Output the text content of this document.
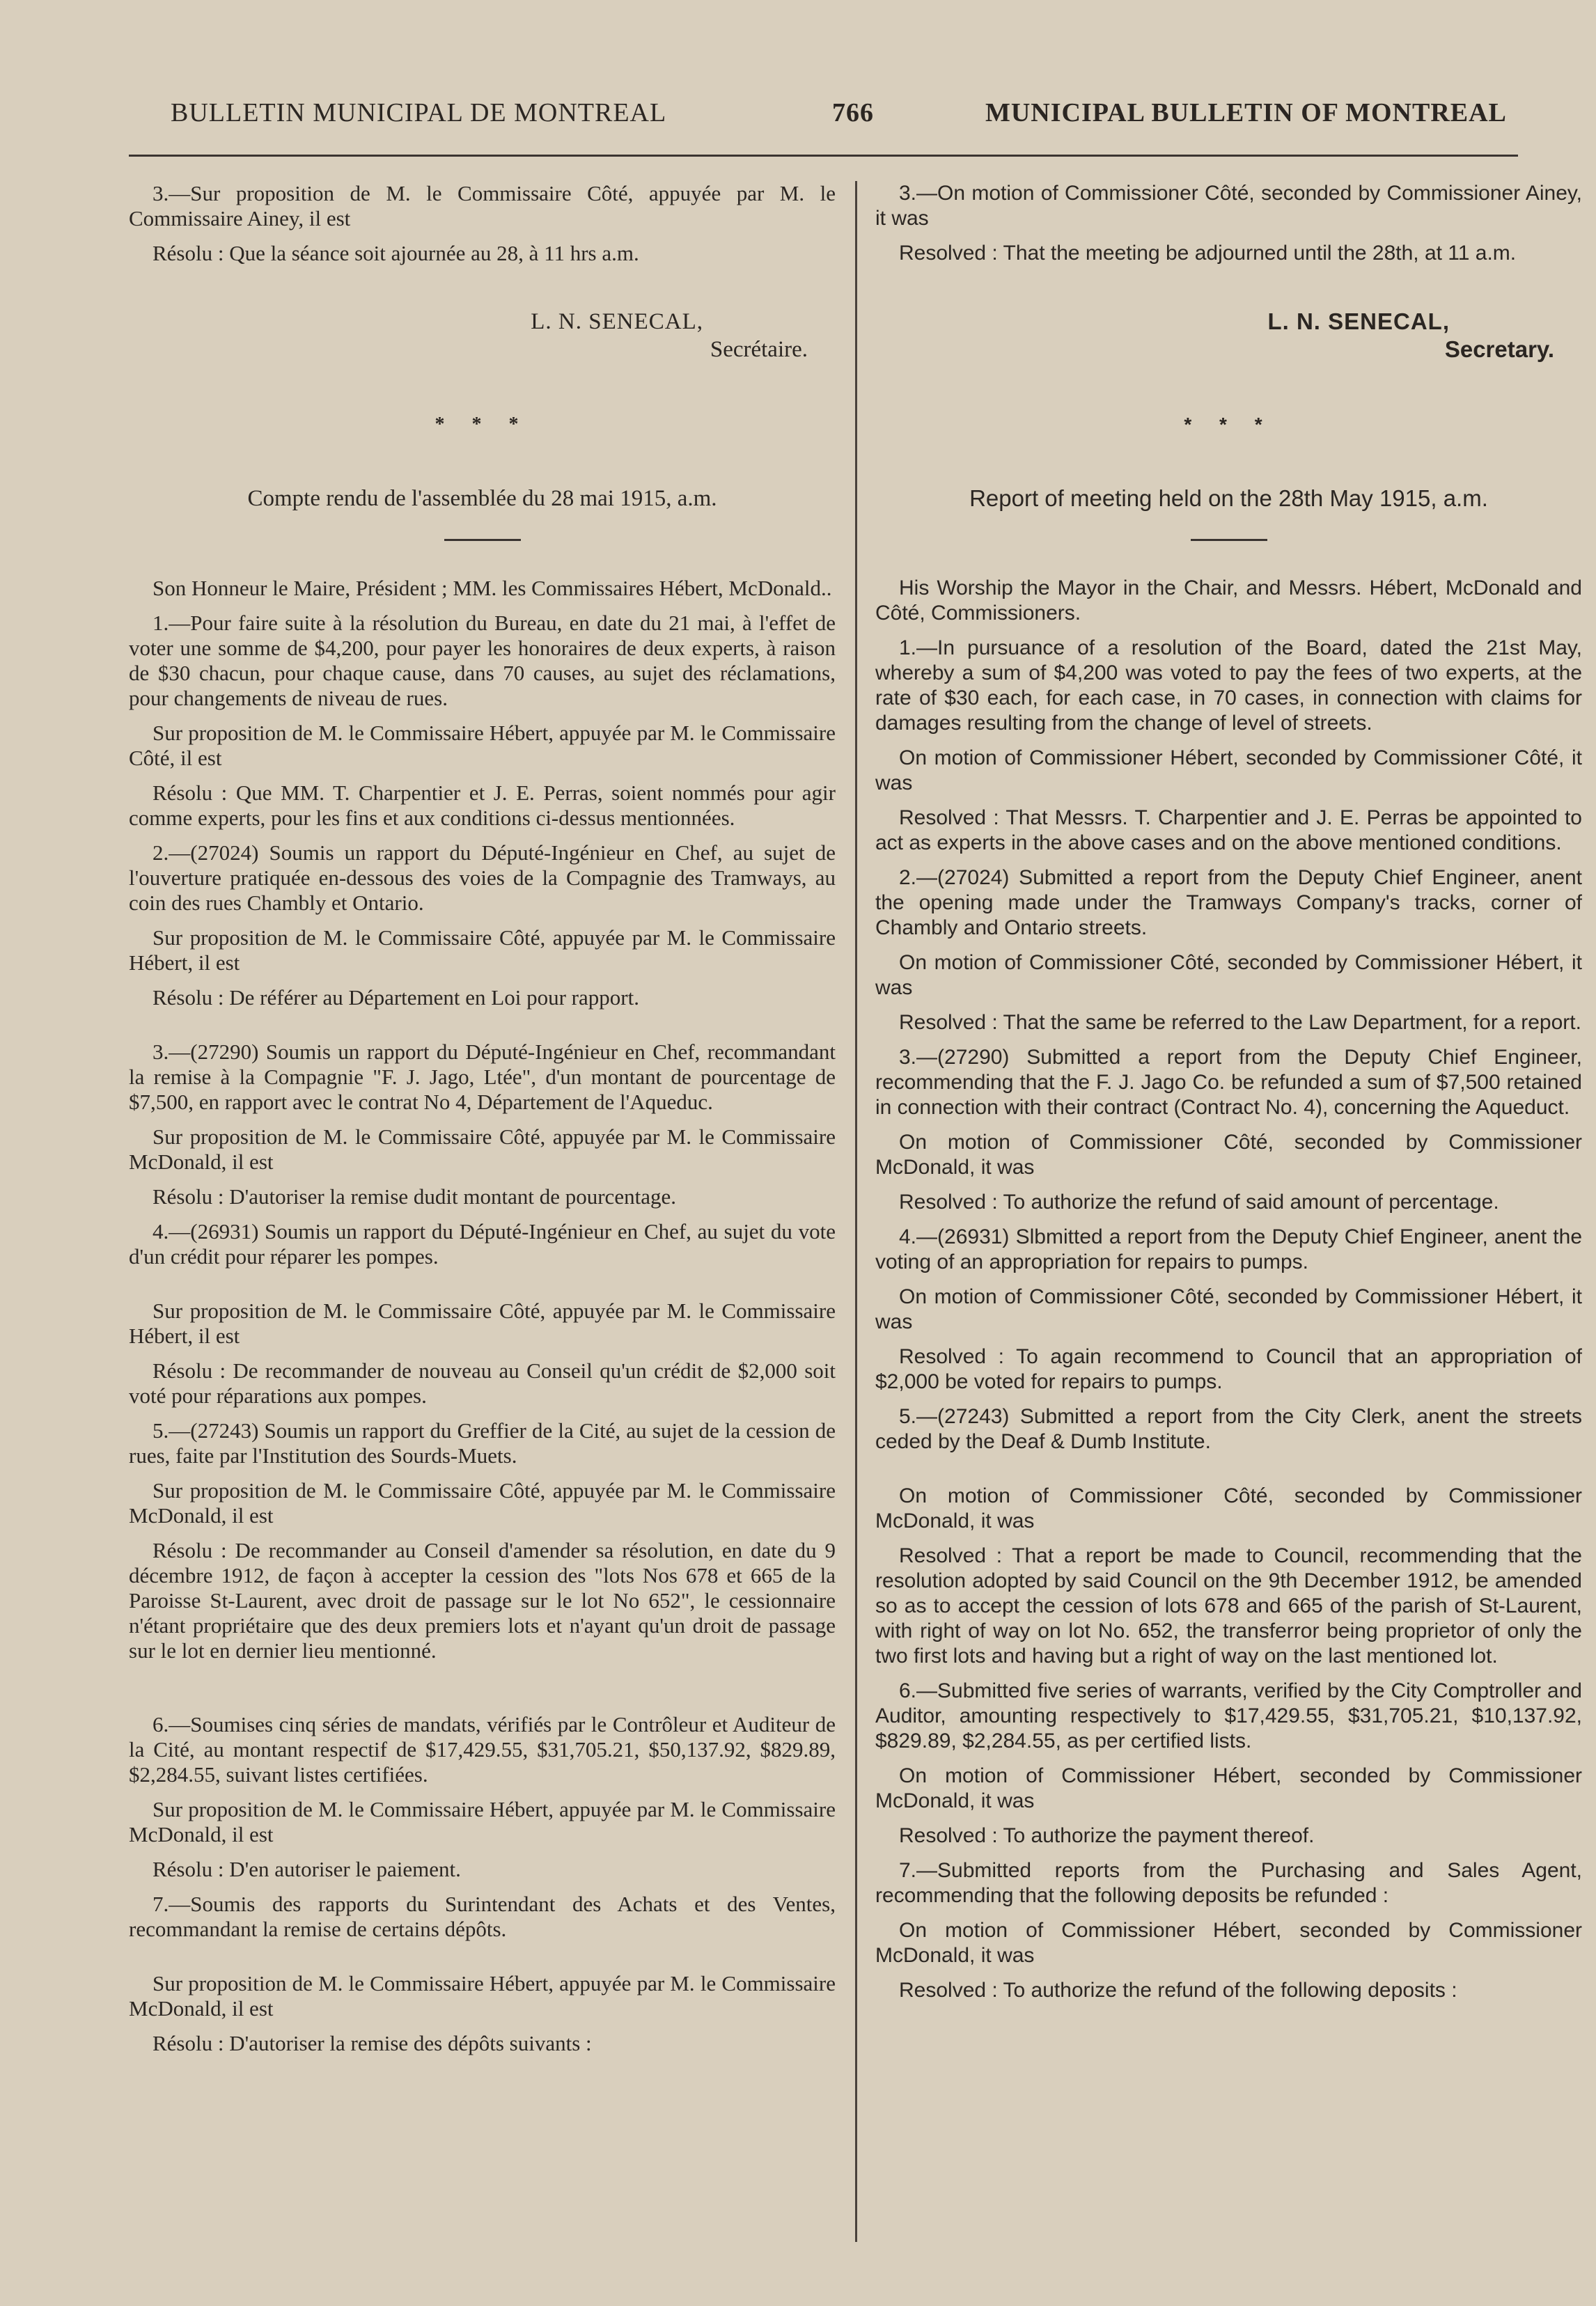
BULLETIN MUNICIPAL DE MONTREAL	766	MUNICIPAL BULLETIN OF MONTREAL

3.—Sur proposition de M. le Commissaire Côté, appuyée par M. le Commissaire Ainey, il est

Résolu : Que la séance soit ajournée au 28, à 11 hrs a.m.

L. N. SENECAL,
Secrétaire.
* * *
Compte rendu de l'assemblée du 28 mai 1915, a.m.

Son Honneur le Maire, Président ; MM. les Commissaires Hébert, McDonald..

1.—Pour faire suite à la résolution du Bureau, en date du 21 mai, à l'effet de voter une somme de $4,200, pour payer les honoraires de deux experts, à raison de $30 chacun, pour chaque cause, dans 70 causes, au sujet des réclamations, pour changements de niveau de rues.

Sur proposition de M. le Commissaire Hébert, appuyée par M. le Commissaire Côté, il est

Résolu : Que MM. T. Charpentier et J. E. Perras, soient nommés pour agir comme experts, pour les fins et aux conditions ci-dessus mentionnées.

2.—(27024) Soumis un rapport du Député-Ingénieur en Chef, au sujet de l'ouverture pratiquée en-dessous des voies de la Compagnie des Tramways, au coin des rues Chambly et Ontario.

Sur proposition de M. le Commissaire Côté, appuyée par M. le Commissaire Hébert, il est

Résolu : De référer au Département en Loi pour rapport.

3.—(27290) Soumis un rapport du Député-Ingénieur en Chef, recommandant la remise à la Compagnie "F. J. Jago, Ltée", d'un montant de pourcentage de $7,500, en rapport avec le contrat No 4, Département de l'Aqueduc.

Sur proposition de M. le Commissaire Côté, appuyée par M. le Commissaire McDonald, il est

Résolu : D'autoriser la remise dudit montant de pourcentage.

4.—(26931) Soumis un rapport du Député-Ingénieur en Chef, au sujet du vote d'un crédit pour réparer les pompes.

Sur proposition de M. le Commissaire Côté, appuyée par M. le Commissaire Hébert, il est

Résolu : De recommander de nouveau au Conseil qu'un crédit de $2,000 soit voté pour réparations aux pompes.

5.—(27243) Soumis un rapport du Greffier de la Cité, au sujet de la cession de rues, faite par l'Institution des Sourds-Muets.

Sur proposition de M. le Commissaire Côté, appuyée par M. le Commissaire McDonald, il est

Résolu : De recommander au Conseil d'amender sa résolution, en date du 9 décembre 1912, de façon à accepter la cession des "lots Nos 678 et 665 de la Paroisse St-Laurent, avec droit de passage sur le lot No 652", le cessionnaire n'étant propriétaire que des deux premiers lots et n'ayant qu'un droit de passage sur le lot en dernier lieu mentionné.

6.—Soumises cinq séries de mandats, vérifiés par le Contrôleur et Auditeur de la Cité, au montant respectif de $17,429.55, $31,705.21, $50,137.92, $829.89, $2,284.55, suivant listes certifiées.

Sur proposition de M. le Commissaire Hébert, appuyée par M. le Commissaire McDonald, il est

Résolu : D'en autoriser le paiement.

7.—Soumis des rapports du Surintendant des Achats et des Ventes, recommandant la remise de certains dépôts.

Sur proposition de M. le Commissaire Hébert, appuyée par M. le Commissaire McDonald, il est

Résolu : D'autoriser la remise des dépôts suivants :

3.—On motion of Commissioner Côté, seconded by Commissioner Ainey, it was

Resolved : That the meeting be adjourned until the 28th, at 11 a.m.

L. N. SENECAL,
Secretary.
* * *
Report of meeting held on the 28th May 1915, a.m.

His Worship the Mayor in the Chair, and Messrs. Hébert, McDonald and Côté, Commissioners.

1.—In pursuance of a resolution of the Board, dated the 21st May, whereby a sum of $4,200 was voted to pay the fees of two experts, at the rate of $30 each, for each case, in 70 cases, in connection with claims for damages resulting from the change of level of streets.

On motion of Commissioner Hébert, seconded by Commissioner Côté, it was

Resolved : That Messrs. T. Charpentier and J. E. Perras be appointed to act as experts in the above cases and on the above mentioned conditions.

2.—(27024) Submitted a report from the Deputy Chief Engineer, anent the opening made under the Tramways Company's tracks, corner of Chambly and Ontario streets.

On motion of Commissioner Côté, seconded by Commissioner Hébert, it was

Resolved : That the same be referred to the Law Department, for a report.

3.—(27290) Submitted a report from the Deputy Chief Engineer, recommending that the F. J. Jago Co. be refunded a sum of $7,500 retained in connection with their contract (Contract No. 4), concerning the Aqueduct.

On motion of Commissioner Côté, seconded by Commissioner McDonald, it was

Resolved : To authorize the refund of said amount of percentage.

4.—(26931) Slbmitted a report from the Deputy Chief Engineer, anent the voting of an appropriation for repairs to pumps.

On motion of Commissioner Côté, seconded by Commissioner Hébert, it was

Resolved : To again recommend to Council that an appropriation of $2,000 be voted for repairs to pumps.

5.—(27243) Submitted a report from the City Clerk, anent the streets ceded by the Deaf & Dumb Institute.

On motion of Commissioner Côté, seconded by Commissioner McDonald, it was

Resolved : That a report be made to Council, recommending that the resolution adopted by said Council on the 9th December 1912, be amended so as to accept the cession of lots 678 and 665 of the parish of St-Laurent, with right of way on lot No. 652, the transferror being proprietor of only the two first lots and having but a right of way on the last mentioned lot.

6.—Submitted five series of warrants, verified by the City Comptroller and Auditor, amounting respectively to $17,429.55, $31,705.21, $10,137.92, $829.89, $2,284.55, as per certified lists.

On motion of Commissioner Hébert, seconded by Commissioner McDonald, it was

Resolved : To authorize the payment thereof.

7.—Submitted reports from the Purchasing and Sales Agent, recommending that the following deposits be refunded :

On motion of Commissioner Hébert, seconded by Commissioner McDonald, it was

Resolved : To authorize the refund of the following deposits :
